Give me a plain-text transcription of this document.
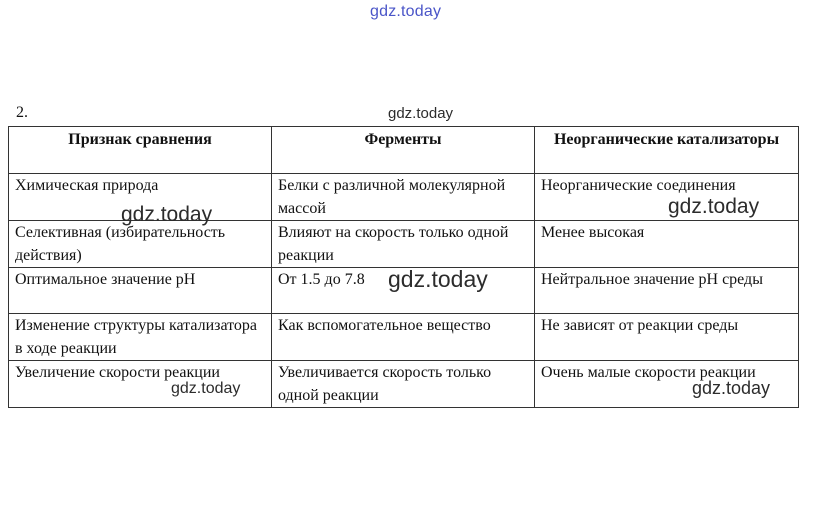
gdz.today
2.	gdz.today
gdz.today	gdz.today
gdz.today
gdz.today	gdz.today
Признак сравнения	Ферменты	Неорганические катализаторы
Химическая природа	Белки с различной молекулярной массой	Неорганические соединения
Селективная (избирательность действия)	Влияют на скорость только одной реакции	Менее высокая
Оптимальное значение pH	От 1.5 до 7.8	Нейтральное значение pH среды
Изменение структуры катализатора в ходе реакции	Как вспомогательное вещество	Не зависят от реакции среды
Увеличение скорости реакции	Увеличивается скорость только одной реакции	Очень малые скорости реакции
